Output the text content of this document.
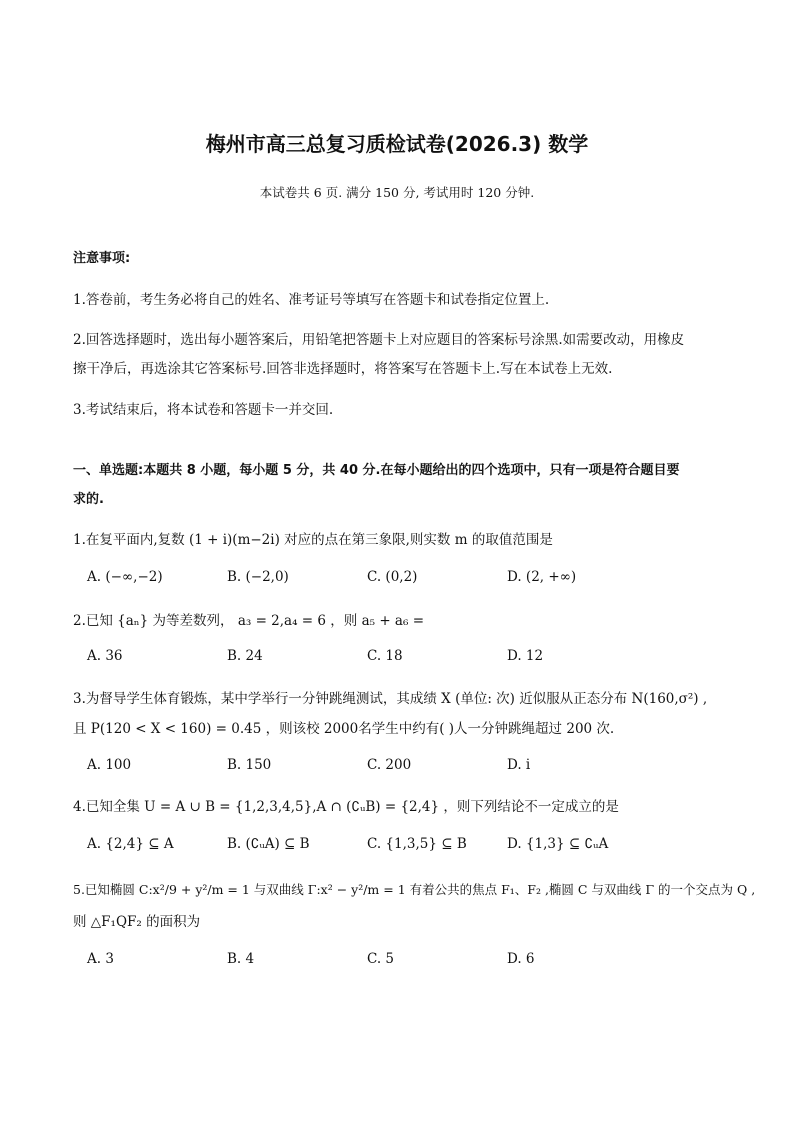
梅州市高三总复习质检试卷(2026.3) 数学
本试卷共 6 页. 满分 150 分, 考试用时 120 分钟.
注意事项:
1.答卷前，考生务必将自己的姓名、准考证号等填写在答题卡和试卷指定位置上.
2.回答选择题时，选出每小题答案后，用铅笔把答题卡上对应题目的答案标号涂黑.如需要改动，用橡皮
擦干净后，再选涂其它答案标号.回答非选择题时，将答案写在答题卡上.写在本试卷上无效.
3.考试结束后，将本试卷和答题卡一并交回.
一、单选题:本题共 8 小题，每小题 5 分，共 40 分.在每小题给出的四个选项中，只有一项是符合题目要
求的.
1.在复平面内,复数 (1 + i)(m−2i) 对应的点在第三象限,则实数 m 的取值范围是
A. (−∞,−2)	B. (−2,0)	C. (0,2)	D. (2, +∞)
2.已知 {aₙ} 为等差数列， a₃ = 2,a₄ = 6 ，则 a₅ + a₆ =
A. 36	B. 24	C. 18	D. 12
3.为督导学生体育锻炼，某中学举行一分钟跳绳测试，其成绩 X (单位: 次) 近似服从正态分布 N(160,σ²) ,
且 P(120 < X < 160) = 0.45 ，则该校 2000名学生中约有( )人一分钟跳绳超过 200 次.
A. 100	B. 150	C. 200	D. i
4.已知全集 U = A ∪ B = {1,2,3,4,5},A ∩ (∁ᵤB) = {2,4} ，则下列结论不一定成立的是
A. {2,4} ⊆ A	B. (∁ᵤA) ⊆ B	C. {1,3,5} ⊆ B	D. {1,3} ⊆ ∁ᵤA
5.已知椭圆 C:x²/9 + y²/m = 1 与双曲线 Γ:x² − y²/m = 1 有着公共的焦点 F₁、F₂ ,椭圆 C 与双曲线 Γ 的一个交点为 Q ,
则 △F₁QF₂ 的面积为
A. 3	B. 4	C. 5	D. 6
